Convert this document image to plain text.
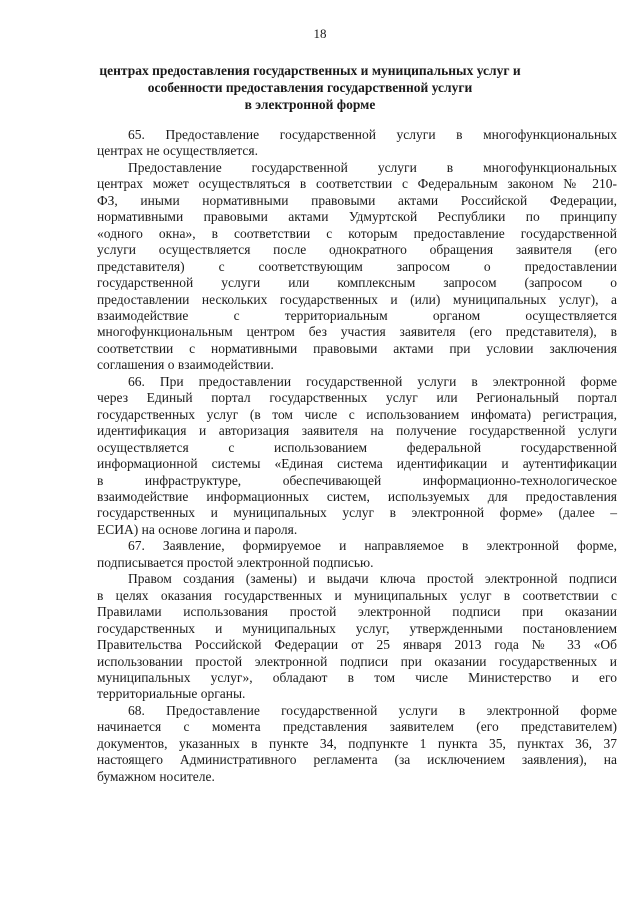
18
центрах предоставления государственных и муниципальных услуг и
особенности предоставления государственной услуги
в электронной форме
65. Предоставление государственной услуги в многофункциональных
центрах не осуществляется.
Предоставление государственной услуги в многофункциональных
центрах может осуществляться в соответствии с Федеральным законом № 210-
ФЗ, иными нормативными правовыми актами Российской Федерации,
нормативными правовыми актами Удмуртской Республики по принципу
«одного окна», в соответствии с которым предоставление государственной
услуги осуществляется после однократного обращения заявителя (его
представителя) с соответствующим запросом о предоставлении
государственной услуги или комплексным запросом (запросом о
предоставлении нескольких государственных и (или) муниципальных услуг), а
взаимодействие с территориальным органом осуществляется
многофункциональным центром без участия заявителя (его представителя), в
соответствии с нормативными правовыми актами при условии заключения
соглашения о взаимодействии.
66. При предоставлении государственной услуги в электронной форме
через Единый портал государственных услуг или Региональный портал
государственных услуг (в том числе с использованием инфомата) регистрация,
идентификация и авторизация заявителя на получение государственной услуги
осуществляется с использованием федеральной государственной
информационной системы «Единая система идентификации и аутентификации
в инфраструктуре, обеспечивающей информационно-технологическое
взаимодействие информационных систем, используемых для предоставления
государственных и муниципальных услуг в электронной форме» (далее –
ЕСИА) на основе логина и пароля.
67. Заявление, формируемое и направляемое в электронной форме,
подписывается простой электронной подписью.
Правом создания (замены) и выдачи ключа простой электронной подписи
в целях оказания государственных и муниципальных услуг в соответствии с
Правилами использования простой электронной подписи при оказании
государственных и муниципальных услуг, утвержденными постановлением
Правительства Российской Федерации от 25 января 2013 года № 33 «Об
использовании простой электронной подписи при оказании государственных и
муниципальных услуг», обладают в том числе Министерство и его
территориальные органы.
68. Предоставление государственной услуги в электронной форме
начинается с момента представления заявителем (его представителем)
документов, указанных в пункте 34, подпункте 1 пункта 35, пунктах 36, 37
настоящего Административного регламента (за исключением заявления), на
бумажном носителе.
